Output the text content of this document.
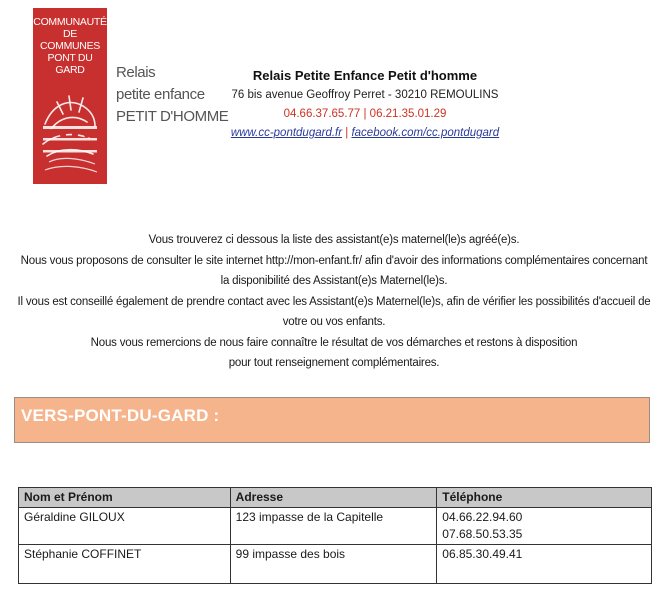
COMMUNAUTÉ
DE COMMUNES
PONT DU GARD	Relais
petite enfance
PETIT D'HOMME
Relais Petite Enfance Petit d'homme
76 bis avenue Geoffroy Perret - 30210 REMOULINS
04.66.37.65.77 | 06.21.35.01.29
www.cc-pontdugard.fr | facebook.com/cc.pontdugard
Vous trouverez ci dessous la liste des assistant(e)s maternel(le)s agréé(e)s.
Nous vous proposons de consulter le site internet http://mon-enfant.fr/ afin d'avoir des informations complémentaires concernant
la disponibilité des Assistant(e)s Maternel(le)s.
Il vous est conseillé également de prendre contact avec les Assistant(e)s Maternel(le)s, afin de vérifier les possibilités d'accueil de
votre ou vos enfants.
Nous vous remercions de nous faire connaître le résultat de vos démarches et restons à disposition
pour tout renseignement complémentaires.
VERS-PONT-DU-GARD :
Nom et Prénom	Adresse	Téléphone
Géraldine GILOUX	123 impasse de la Capitelle	04.66.22.94.60
07.68.50.53.35

Stéphanie COFFINET	99 impasse des bois	06.85.30.49.41
